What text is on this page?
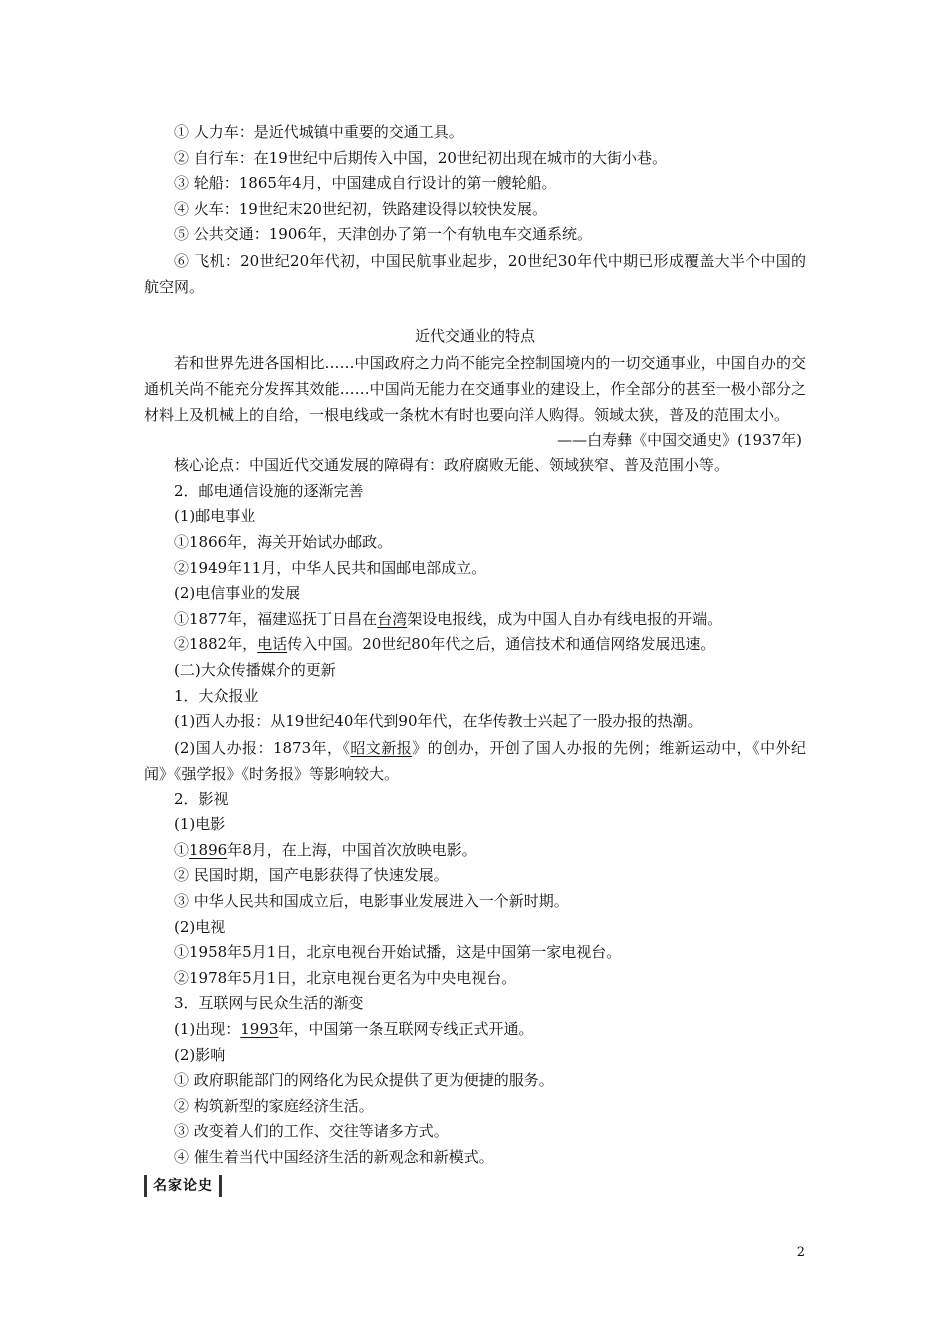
① 人力车：是近代城镇中重要的交通工具。
② 自行车：在19世纪中后期传入中国，20世纪初出现在城市的大街小巷。
③ 轮船：1865年4月，中国建成自行设计的第一艘轮船。
④ 火车：19世纪末20世纪初，铁路建设得以较快发展。
⑤ 公共交通：1906年，天津创办了第一个有轨电车交通系统。
⑥ 飞机：20世纪20年代初，中国民航事业起步，20世纪30年代中期已形成覆盖大半个中国的航空网。
近代交通业的特点
若和世界先进各国相比……中国政府之力尚不能完全控制国境内的一切交通事业，中国自办的交通机关尚不能充分发挥其效能……中国尚无能力在交通事业的建设上，作全部分的甚至一极小部分之材料上及机械上的自给，一根电线或一条枕木有时也要向洋人购得。领域太狭，普及的范围太小。
——白寿彝《中国交通史》(1937年)
核心论点：中国近代交通发展的障碍有：政府腐败无能、领域狭窄、普及范围小等。
2．邮电通信设施的逐渐完善
(1)邮电事业
①1866年，海关开始试办邮政。
②1949年11月，中华人民共和国邮电部成立。
(2)电信事业的发展
①1877年，福建巡抚丁日昌在台湾架设电报线，成为中国人自办有线电报的开端。
②1882年，电话传入中国。20世纪80年代之后，通信技术和通信网络发展迅速。
(二)大众传播媒介的更新
1．大众报业
(1)西人办报：从19世纪40年代到90年代，在华传教士兴起了一股办报的热潮。
(2)国人办报：1873年，《昭文新报》的创办，开创了国人办报的先例；维新运动中，《中外纪闻》《强学报》《时务报》等影响较大。
2．影视
(1)电影
①1896年8月，在上海，中国首次放映电影。
② 民国时期，国产电影获得了快速发展。
③ 中华人民共和国成立后，电影事业发展进入一个新时期。
(2)电视
①1958年5月1日，北京电视台开始试播，这是中国第一家电视台。
②1978年5月1日，北京电视台更名为中央电视台。
3．互联网与民众生活的渐变
(1)出现：1993年，中国第一条互联网专线正式开通。
(2)影响
① 政府职能部门的网络化为民众提供了更为便捷的服务。
② 构筑新型的家庭经济生活。
③ 改变着人们的工作、交往等诸多方式。
④ 催生着当代中国经济生活的新观念和新模式。
名家论史
2
